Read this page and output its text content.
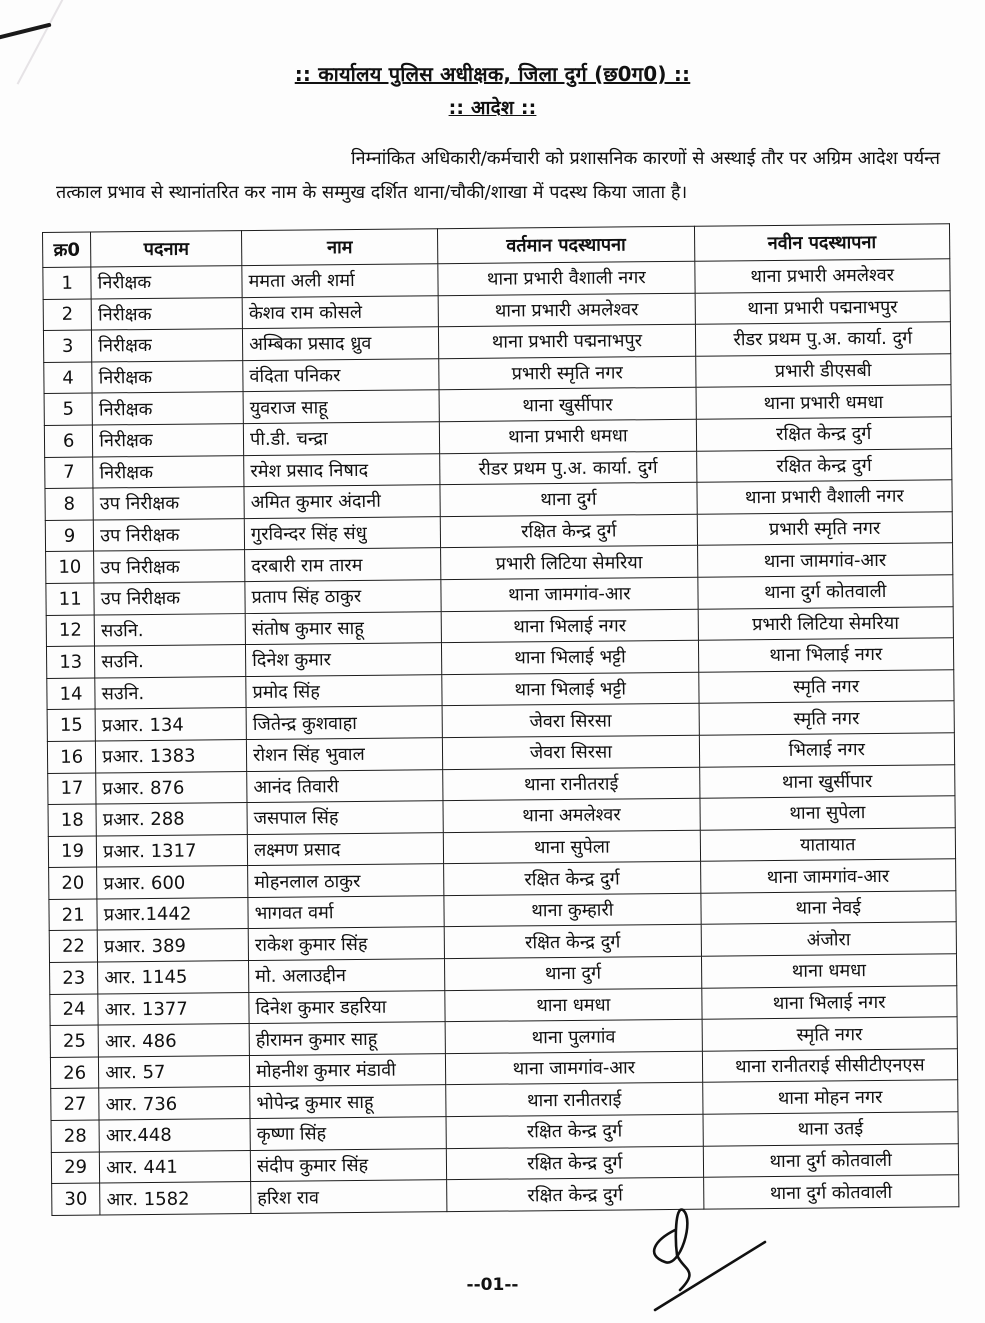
:: कार्यालय पुलिस अधीक्षक, जिला दुर्ग (छ0ग0) ::
:: आदेश ::
निम्नांकित अधिकारी/कर्मचारी को प्रशासनिक कारणों से अस्थाई तौर पर अग्रिम आदेश पर्यन्त
तत्काल प्रभाव से स्थानांतरित कर नाम के सम्मुख दर्शित थाना/चौकी/शाखा में पदस्थ किया जाता है।
क्र0	पदनाम	नाम	वर्तमान पदस्थापना	नवीन पदस्थापना
1	निरीक्षक	ममता अली शर्मा	थाना प्रभारी वैशाली नगर	थाना प्रभारी अमलेश्वर
2	निरीक्षक	केशव राम कोसले	थाना प्रभारी अमलेश्वर	थाना प्रभारी पद्मनाभपुर
3	निरीक्षक	अम्बिका प्रसाद ध्रुव	थाना प्रभारी पद्मनाभपुर	रीडर प्रथम पु.अ. कार्या. दुर्ग
4	निरीक्षक	वंदिता पनिकर	प्रभारी स्मृति नगर	प्रभारी डीएसबी
5	निरीक्षक	युवराज साहू	थाना खुर्सीपार	थाना प्रभारी धमधा
6	निरीक्षक	पी.डी. चन्द्रा	थाना प्रभारी धमधा	रक्षित केन्द्र दुर्ग
7	निरीक्षक	रमेश प्रसाद निषाद	रीडर प्रथम पु.अ. कार्या. दुर्ग	रक्षित केन्द्र दुर्ग
8	उप निरीक्षक	अमित कुमार अंदानी	थाना दुर्ग	थाना प्रभारी वैशाली नगर
9	उप निरीक्षक	गुरविन्दर सिंह संधु	रक्षित केन्द्र दुर्ग	प्रभारी स्मृति नगर
10	उप निरीक्षक	दरबारी राम तारम	प्रभारी लिटिया सेमरिया	थाना जामगांव-आर
11	उप निरीक्षक	प्रताप सिंह ठाकुर	थाना जामगांव-आर	थाना दुर्ग कोतवाली
12	सउनि.	संतोष कुमार साहू	थाना भिलाई नगर	प्रभारी लिटिया सेमरिया
13	सउनि.	दिनेश कुमार	थाना भिलाई भट्टी	थाना भिलाई नगर
14	सउनि.	प्रमोद सिंह	थाना भिलाई भट्टी	स्मृति नगर
15	प्रआर. 134	जितेन्द्र कुशवाहा	जेवरा सिरसा	स्मृति नगर
16	प्रआर. 1383	रोशन सिंह भुवाल	जेवरा सिरसा	भिलाई नगर
17	प्रआर. 876	आनंद तिवारी	थाना रानीतराई	थाना खुर्सीपार
18	प्रआर. 288	जसपाल सिंह	थाना अमलेश्वर	थाना सुपेला
19	प्रआर. 1317	लक्ष्मण प्रसाद	थाना सुपेला	यातायात
20	प्रआर. 600	मोहनलाल ठाकुर	रक्षित केन्द्र दुर्ग	थाना जामगांव-आर
21	प्रआर.1442	भागवत वर्मा	थाना कुम्हारी	थाना नेवई
22	प्रआर. 389	राकेश कुमार सिंह	रक्षित केन्द्र दुर्ग	अंजोरा
23	आर. 1145	मो. अलाउद्दीन	थाना दुर्ग	थाना धमधा
24	आर. 1377	दिनेश कुमार डहरिया	थाना धमधा	थाना भिलाई नगर
25	आर. 486	हीरामन कुमार साहू	थाना पुलगांव	स्मृति नगर
26	आर. 57	मोहनीश कुमार मंडावी	थाना जामगांव-आर	थाना रानीतराई सीसीटीएनएस
27	आर. 736	भोपेन्द्र कुमार साहू	थाना रानीतराई	थाना मोहन नगर
28	आर.448	कृष्णा सिंह	रक्षित केन्द्र दुर्ग	थाना उतई
29	आर. 441	संदीप कुमार सिंह	रक्षित केन्द्र दुर्ग	थाना दुर्ग कोतवाली
30	आर. 1582	हरिश राव	रक्षित केन्द्र दुर्ग	थाना दुर्ग कोतवाली
--01--
